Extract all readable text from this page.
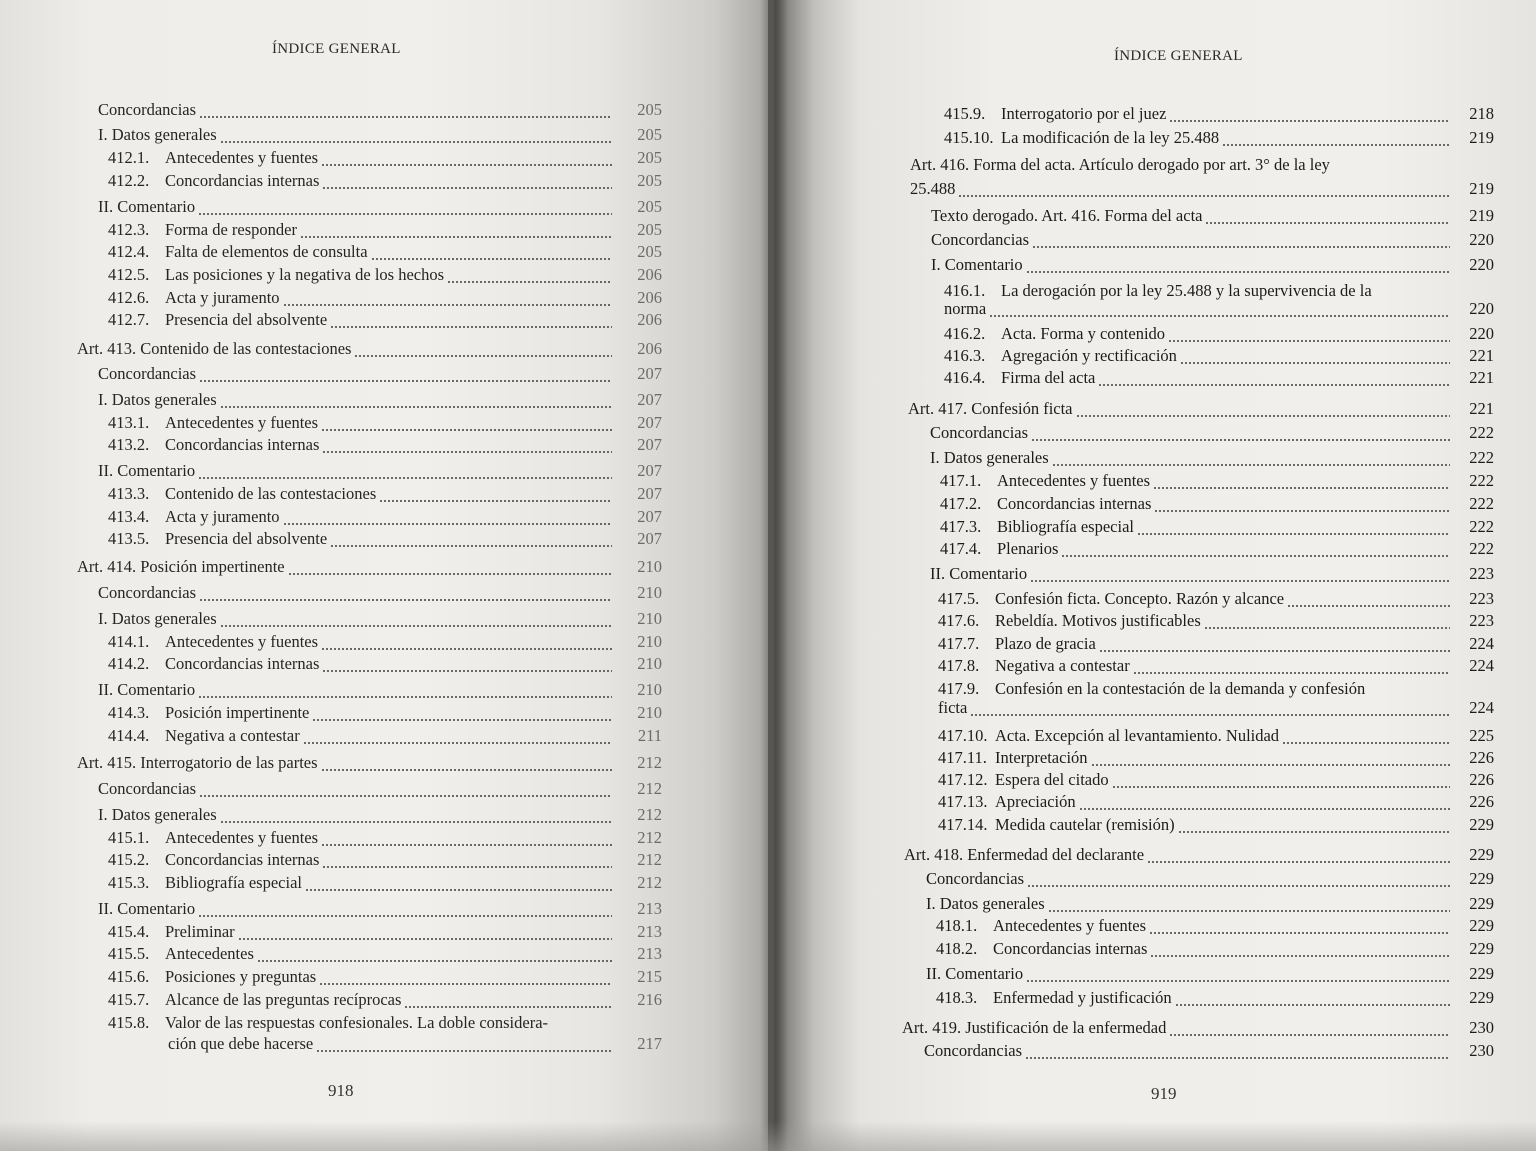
ÍNDICE GENERAL
Concordancias	205
I. Datos generales	205
412.1. Antecedentes y fuentes	205
412.2. Concordancias internas	205
II. Comentario	205
412.3. Forma de responder	205
412.4. Falta de elementos de consulta	205
412.5. Las posiciones y la negativa de los hechos	206
412.6. Acta y juramento	206
412.7. Presencia del absolvente	206
Art. 413. Contenido de las contestaciones	206
Concordancias	207
I. Datos generales	207
413.1. Antecedentes y fuentes	207
413.2. Concordancias internas	207
II. Comentario	207
413.3. Contenido de las contestaciones	207
413.4. Acta y juramento	207
413.5. Presencia del absolvente	207
Art. 414. Posición impertinente	210
Concordancias	210
I. Datos generales	210
414.1. Antecedentes y fuentes	210
414.2. Concordancias internas	210
II. Comentario	210
414.3. Posición impertinente	210
414.4. Negativa a contestar	211
Art. 415. Interrogatorio de las partes	212
Concordancias	212
I. Datos generales	212
415.1. Antecedentes y fuentes	212
415.2. Concordancias internas	212
415.3. Bibliografía especial	212
II. Comentario	213
415.4. Preliminar	213
415.5. Antecedentes	213
415.6. Posiciones y preguntas	215
415.7. Alcance de las preguntas recíprocas	216
415.8. Valor de las respuestas confesionales. La doble considera-
ción que debe hacerse	217
918
ÍNDICE GENERAL
415.9. Interrogatorio por el juez	218
415.10. La modificación de la ley 25.488	219
Art. 416. Forma del acta. Artículo derogado por art. 3° de la ley
25.488	219
Texto derogado. Art. 416. Forma del acta	219
Concordancias	220
I. Comentario	220
416.1. La derogación por la ley 25.488 y la supervivencia de la
norma	220
416.2. Acta. Forma y contenido	220
416.3. Agregación y rectificación	221
416.4. Firma del acta	221
Art. 417. Confesión ficta	221
Concordancias	222
I. Datos generales	222
417.1. Antecedentes y fuentes	222
417.2. Concordancias internas	222
417.3. Bibliografía especial	222
417.4. Plenarios	222
II. Comentario	223
417.5. Confesión ficta. Concepto. Razón y alcance	223
417.6. Rebeldía. Motivos justificables	223
417.7. Plazo de gracia	224
417.8. Negativa a contestar	224
417.9. Confesión en la contestación de la demanda y confesión
ficta	224
417.10. Acta. Excepción al levantamiento. Nulidad	225
417.11. Interpretación	226
417.12. Espera del citado	226
417.13. Apreciación	226
417.14. Medida cautelar (remisión)	229
Art. 418. Enfermedad del declarante	229
Concordancias	229
I. Datos generales	229
418.1. Antecedentes y fuentes	229
418.2. Concordancias internas	229
II. Comentario	229
418.3. Enfermedad y justificación	229
Art. 419. Justificación de la enfermedad	230
Concordancias	230
919
